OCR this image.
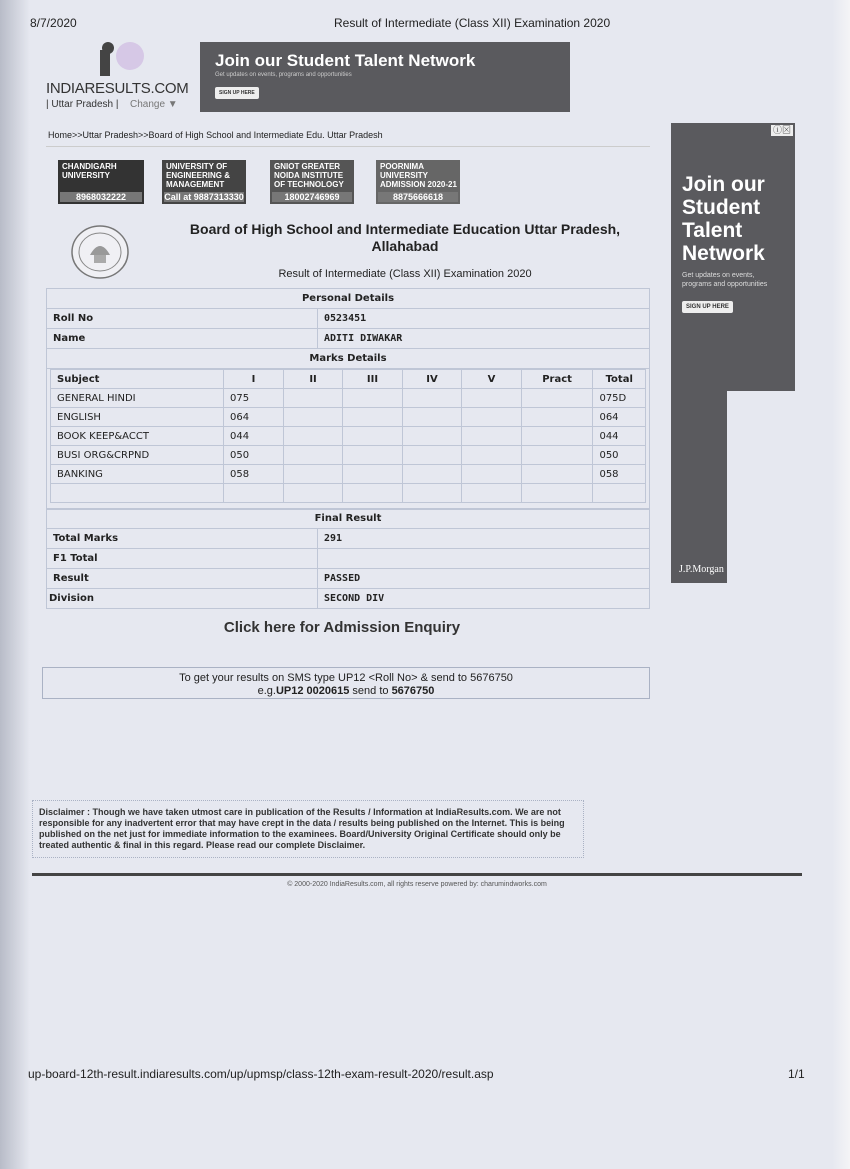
8/7/2020	Result of Intermediate (Class XII) Examination 2020
INDIARESULTS.COM
| Uttar Pradesh | Change ▼
Join our Student Talent Network
Get updates on events, programs and opportunities
SIGN UP HERE
Home>>Uttar Pradesh>>Board of High School and Intermediate Edu. Uttar Pradesh
CHANDIGARH UNIVERSITY
8968032222
UNIVERSITY OF ENGINEERING & MANAGEMENT
Call at 9887313330
GNIOT GREATER NOIDA INSTITUTE OF TECHNOLOGY
18002746969
POORNIMA UNIVERSITY ADMISSION 2020-21
8875666618
Board of High School and Intermediate Education Uttar Pradesh, Allahabad
Result of Intermediate (Class XII) Examination 2020
Personal Details	
Roll No	0523451
Name	ADITI DIWAKAR
Marks Details	

Subject	I	II	III	IV	V	Pract	Total
GENERAL HINDI	075						075D
ENGLISH	064						064
BOOK KEEP&ACCT	044						044
BUSI ORG&CRPND	050						050
BANKING	058						058

Final Result	
Total Marks	291
F1 Total	
Result	PASSED
Division	SECOND DIV
Click here for Admission Enquiry
To get your results on SMS type UP12 <Roll No> & send to 5676750
e.g.UP12 0020615 send to 5676750
Disclaimer : Though we have taken utmost care in publication of the Results / Information at IndiaResults.com. We are not responsible for any inadvertent error that may have crept in the data / results being published on the Internet. This is being published on the net just for immediate information to the examinees. Board/University Original Certificate should only be treated authentic & final in this regard. Please read our complete Disclaimer.
© 2000-2020 IndiaResults.com, all rights reserve powered by: charumindworks.com
ⓘ⊠
Join our Student Talent Network
Get updates on events, programs and opportunities
SIGN UP HERE
J.P.Morgan
up-board-12th-result.indiaresults.com/up/upmsp/class-12th-exam-result-2020/result.asp	1/1
